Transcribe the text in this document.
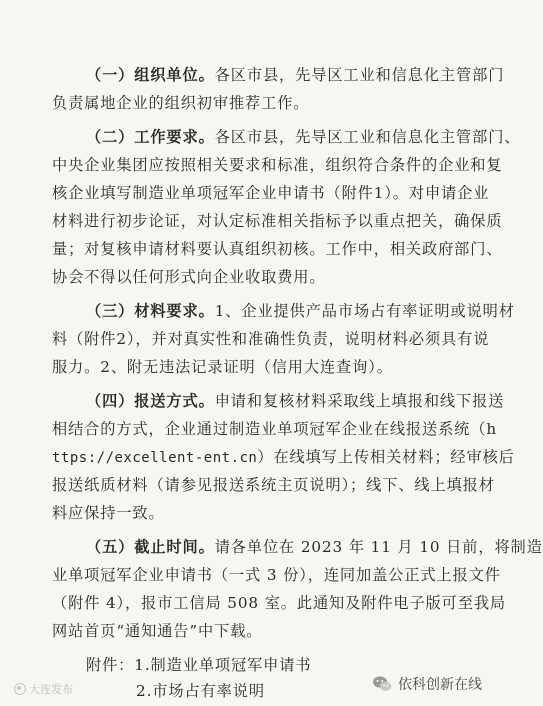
（一）组织单位。各区市县，先导区工业和信息化主管部门
负责属地企业的组织初审推荐工作。
（二）工作要求。各区市县，先导区工业和信息化主管部门、
中央企业集团应按照相关要求和标准，组织符合条件的企业和复
核企业填写制造业单项冠军企业申请书（附件1）。对申请企业
材料进行初步论证，对认定标准相关指标予以重点把关，确保质
量；对复核申请材料要认真组织初核。工作中，相关政府部门、
协会不得以任何形式向企业收取费用。
（三）材料要求。1、企业提供产品市场占有率证明或说明材
料（附件2），并对真实性和准确性负责，说明材料必须具有说
服力。2、附无违法记录证明（信用大连查询）。
（四）报送方式。申请和复核材料采取线上填报和线下报送
相结合的方式，企业通过制造业单项冠军企业在线报送系统（h
ttps://excellent-ent.cn）在线填写上传相关材料；经审核后
报送纸质材料（请参见报送系统主页说明）；线下、线上填报材
料应保持一致。
（五）截止时间。请各单位在 2023 年 11 月 10 日前，将制造
业单项冠军企业申请书（一式 3 份），连同加盖公正式上报文件
（附件 4），报市工信局 508 室。此通知及附件电子版可至我局
网站首页“通知通告”中下载。
附件：1.制造业单项冠军申请书
2.市场占有率说明
大连发布	依科创新在线
